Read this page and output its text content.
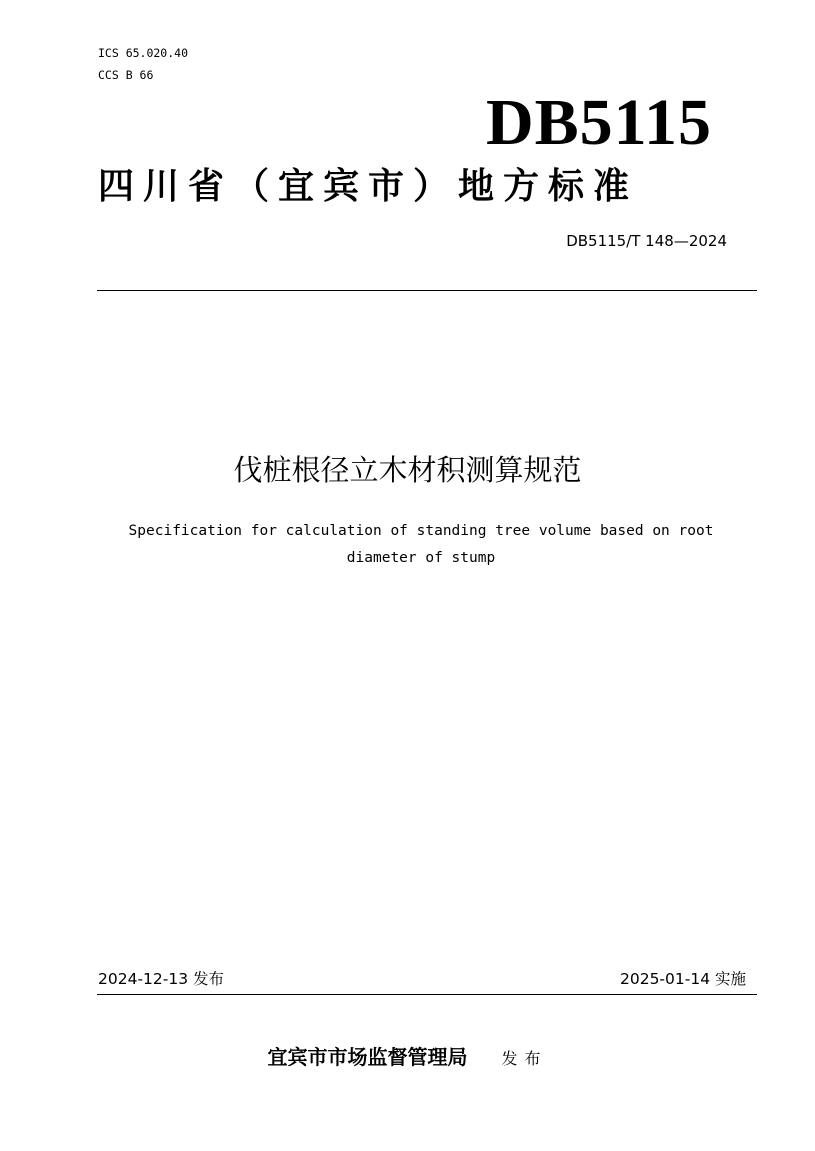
ICS 65.020.40
CCS B 66
DB5115
四川省（宜宾市）地方标准
DB5115/T 148—2024
伐桩根径立木材积测算规范
Specification for calculation of standing tree volume based on root diameter of stump
2024-12-13 发布	2025-01-14 实施
宜宾市市场监督管理局 发布
